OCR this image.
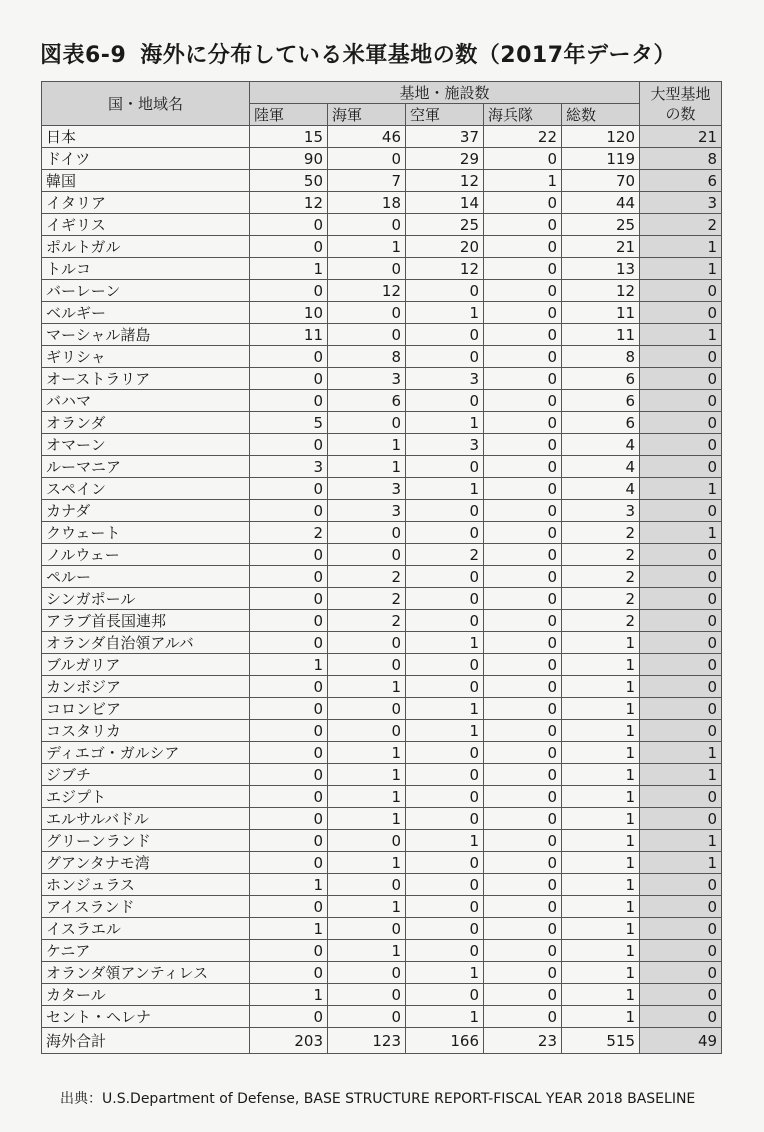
図表6-9 海外に分布している米軍基地の数（2017年データ）
国・地域名	基地・施設数					大型基地の数
	陸軍	海軍	空軍	海兵隊	総数	
日本	15	46	37	22	120	21
ドイツ	90	0	29	0	119	8
韓国	50	7	12	1	70	6
イタリア	12	18	14	0	44	3
イギリス	0	0	25	0	25	2
ポルトガル	0	1	20	0	21	1
トルコ	1	0	12	0	13	1
バーレーン	0	12	0	0	12	0
ベルギー	10	0	1	0	11	0
マーシャル諸島	11	0	0	0	11	1
ギリシャ	0	8	0	0	8	0
オーストラリア	0	3	3	0	6	0
バハマ	0	6	0	0	6	0
オランダ	5	0	1	0	6	0
オマーン	0	1	3	0	4	0
ルーマニア	3	1	0	0	4	0
スペイン	0	3	1	0	4	1
カナダ	0	3	0	0	3	0
クウェート	2	0	0	0	2	1
ノルウェー	0	0	2	0	2	0
ペルー	0	2	0	0	2	0
シンガポール	0	2	0	0	2	0
アラブ首長国連邦	0	2	0	0	2	0
オランダ自治領アルバ	0	0	1	0	1	0
ブルガリア	1	0	0	0	1	0
カンボジア	0	1	0	0	1	0
コロンビア	0	0	1	0	1	0
コスタリカ	0	0	1	0	1	0
ディエゴ・ガルシア	0	1	0	0	1	1
ジブチ	0	1	0	0	1	1
エジプト	0	1	0	0	1	0
エルサルバドル	0	1	0	0	1	0
グリーンランド	0	0	1	0	1	1
グアンタナモ湾	0	1	0	0	1	1
ホンジュラス	1	0	0	0	1	0
アイスランド	0	1	0	0	1	0
イスラエル	1	0	0	0	1	0
ケニア	0	1	0	0	1	0
オランダ領アンティレス	0	0	1	0	1	0
カタール	1	0	0	0	1	0
セント・ヘレナ	0	0	1	0	1	0
海外合計	203	123	166	23	515	49
出典：U.S.Department of Defense, BASE STRUCTURE REPORT-FISCAL YEAR 2018 BASELINE
